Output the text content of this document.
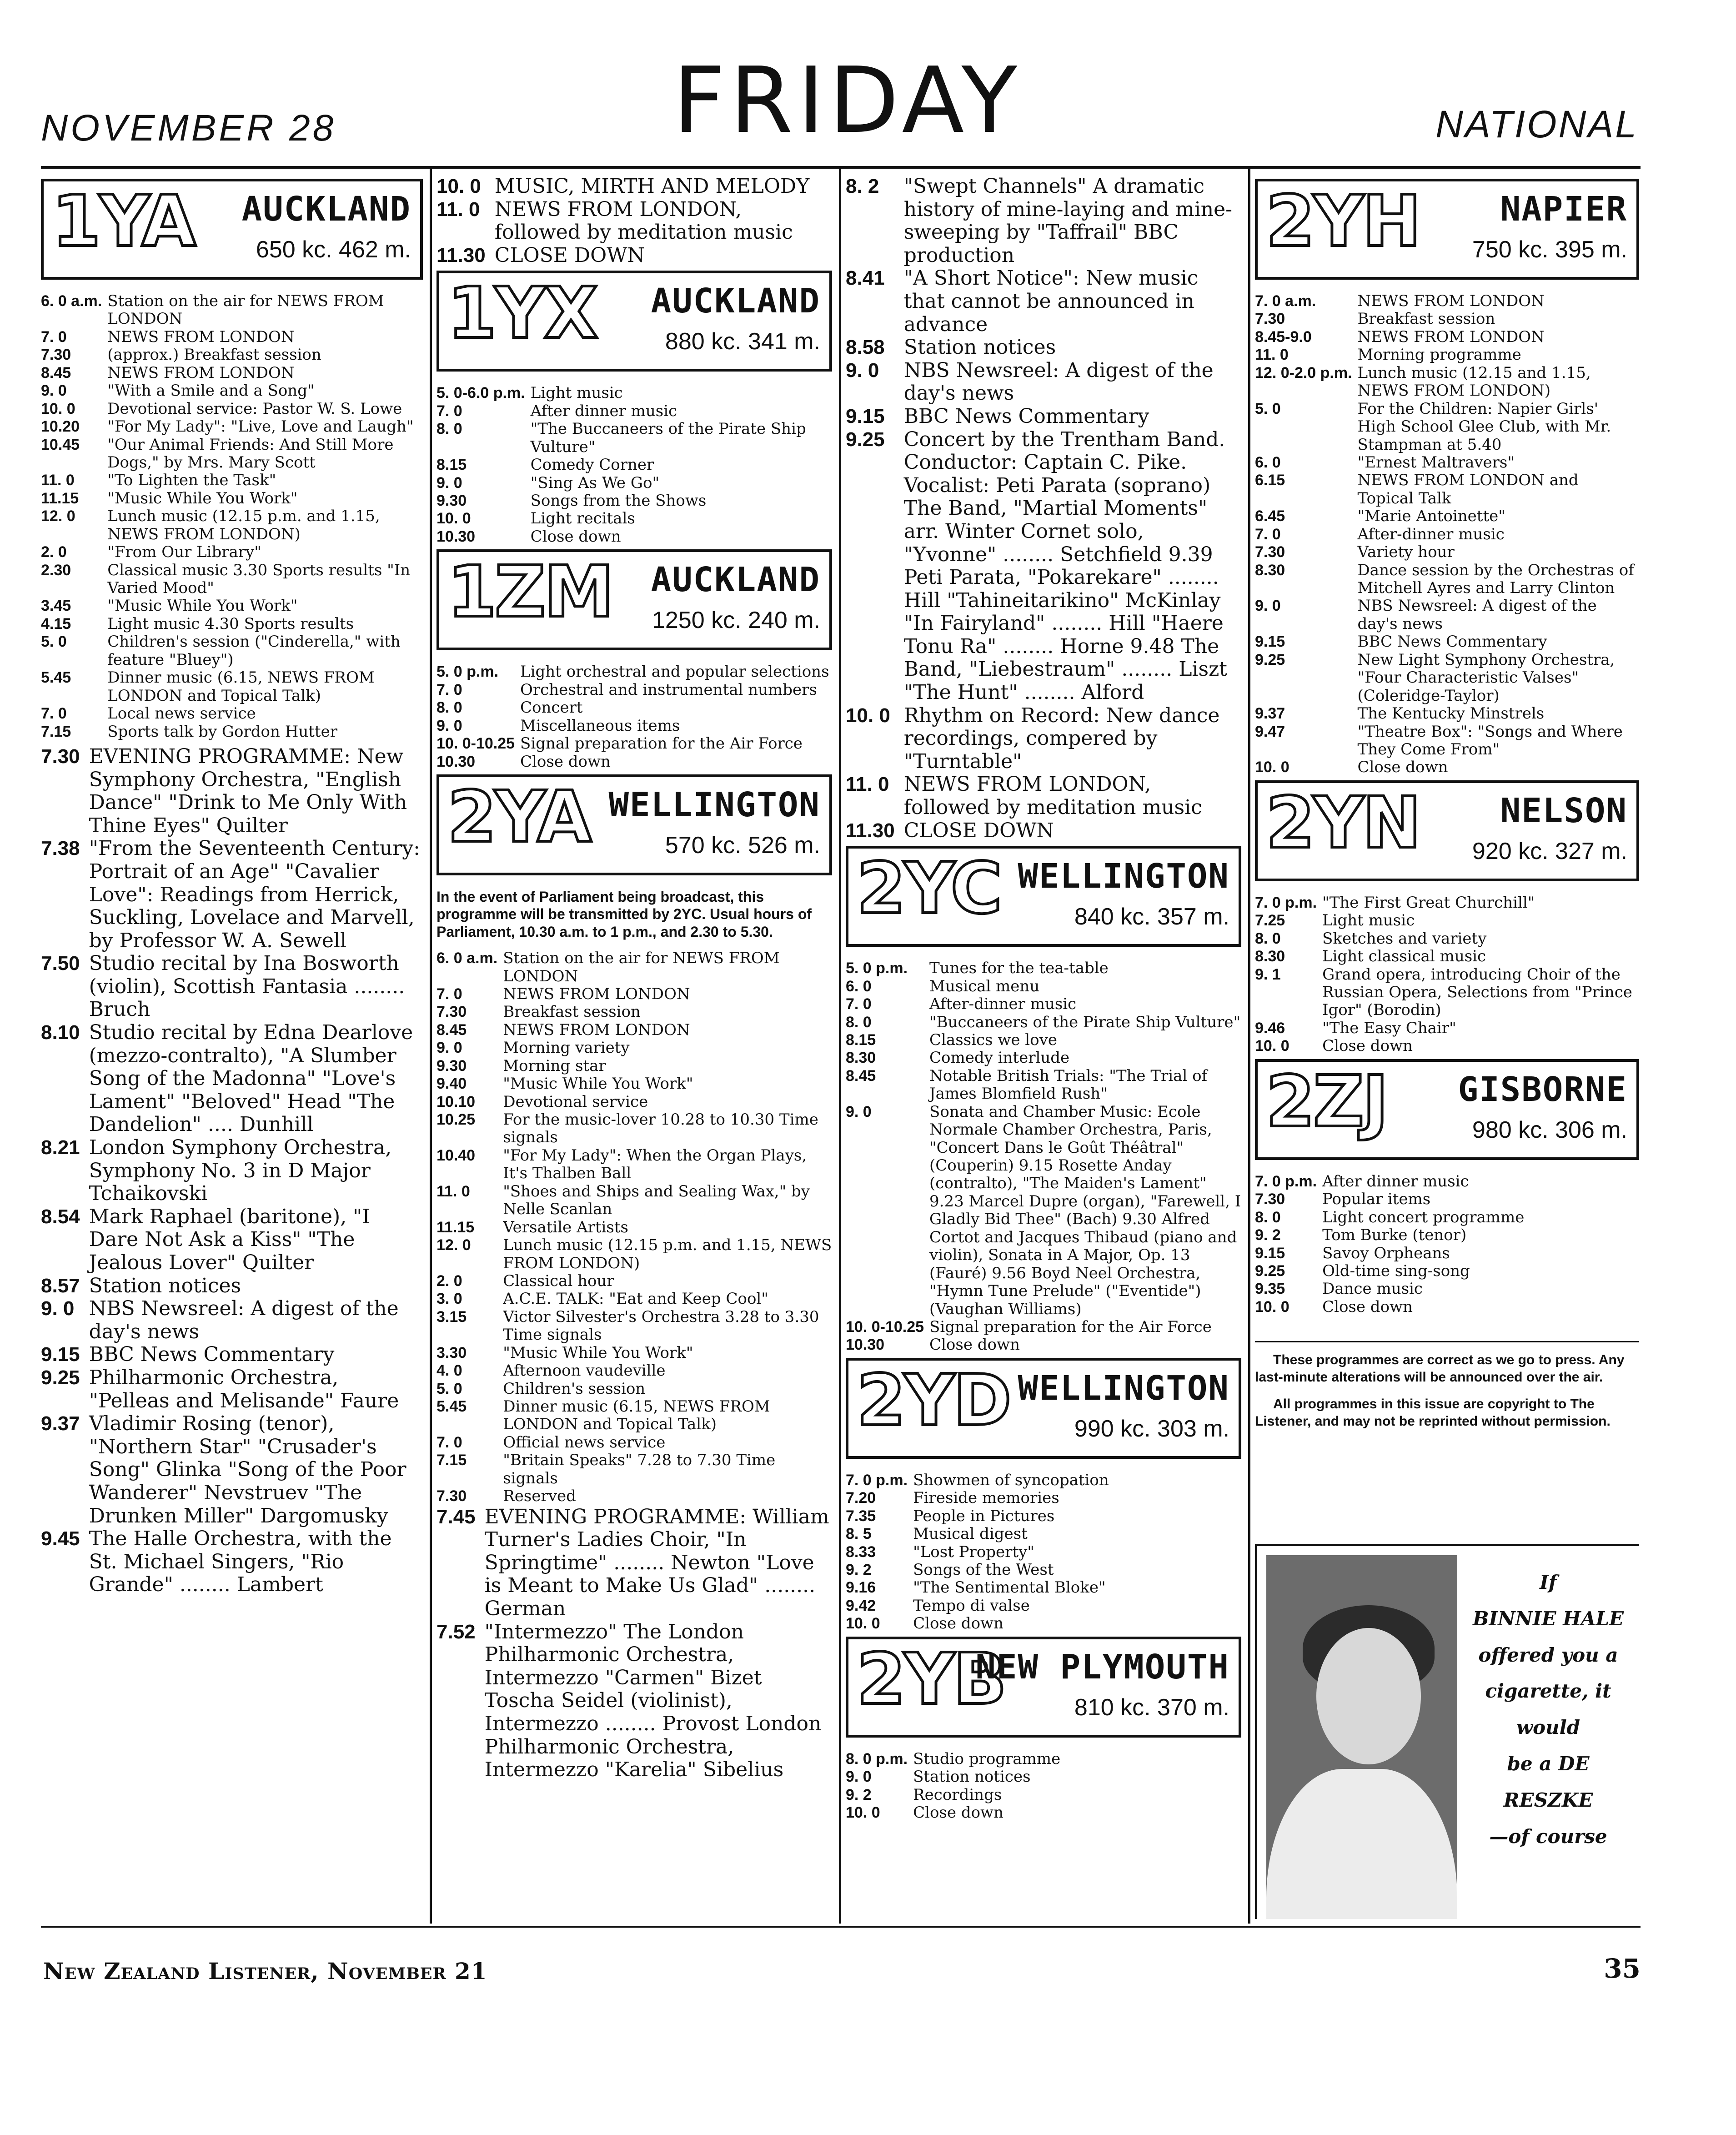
NOVEMBER 28	FRIDAY	NATIONAL
1YA AUCKLAND
650 kc. 462 m.
6. 0 a.m.	Station on the air for NEWS FROM LONDON
7. 0	NEWS FROM LONDON
7.30	(approx.) Breakfast session
8.45	NEWS FROM LONDON
9. 0	"With a Smile and a Song"
10. 0	Devotional service: Pastor W. S. Lowe
10.20	"For My Lady": "Live, Love and Laugh"
10.45	"Our Animal Friends: And Still More Dogs," by Mrs. Mary Scott
11. 0	"To Lighten the Task"
11.15	"Music While You Work"
12. 0	Lunch music (12.15 p.m. and 1.15, NEWS FROM LONDON)
2. 0	"From Our Library"
2.30	Classical music 3.30 Sports results "In Varied Mood"
3.45	"Music While You Work"
4.15	Light music 4.30 Sports results
5. 0	Children's session ("Cinderella," with feature "Bluey")
5.45	Dinner music (6.15, NEWS FROM LONDON and Topical Talk)
7. 0	Local news service
7.15	Sports talk by Gordon Hutter
7.30	EVENING PROGRAMME: New Symphony Orchestra, "English Dance" "Drink to Me Only With Thine Eyes" Quilter
7.38	"From the Seventeenth Century: Portrait of an Age" "Cavalier Love": Readings from Herrick, Suckling, Lovelace and Marvell, by Professor W. A. Sewell
7.50	Studio recital by Ina Bosworth (violin), Scottish Fantasia ........ Bruch
8.10	Studio recital by Edna Dearlove (mezzo-contralto), "A Slumber Song of the Madonna" "Love's Lament" "Beloved" Head "The Dandelion" .... Dunhill
8.21	London Symphony Orchestra, Symphony No. 3 in D Major Tchaikovski
8.54	Mark Raphael (baritone), "I Dare Not Ask a Kiss" "The Jealous Lover" Quilter
8.57	Station notices
9. 0	NBS Newsreel: A digest of the day's news
9.15	BBC News Commentary
9.25	Philharmonic Orchestra, "Pelleas and Melisande" Faure
9.37	Vladimir Rosing (tenor), "Northern Star" "Crusader's Song" Glinka "Song of the Poor Wanderer" Nevstruev "The Drunken Miller" Dargomusky
9.45	The Halle Orchestra, with the St. Michael Singers, "Rio Grande" ........ Lambert
10. 0	MUSIC, MIRTH AND MELODY
11. 0	NEWS FROM LONDON, followed by meditation music
11.30	CLOSE DOWN
1YX AUCKLAND
880 kc. 341 m.
5. 0-6.0 p.m.	Light music
7. 0	After dinner music
8. 0	"The Buccaneers of the Pirate Ship Vulture"
8.15	Comedy Corner
9. 0	"Sing As We Go"
9.30	Songs from the Shows
10. 0	Light recitals
10.30	Close down
1ZM AUCKLAND
1250 kc. 240 m.
5. 0 p.m.	Light orchestral and popular selections
7. 0	Orchestral and instrumental numbers
8. 0	Concert
9. 0	Miscellaneous items
10. 0-10.25	Signal preparation for the Air Force
10.30	Close down
2YA WELLINGTON
570 kc. 526 m.
In the event of Parliament being broadcast, this programme will be transmitted by 2YC. Usual hours of Parliament, 10.30 a.m. to 1 p.m., and 2.30 to 5.30.
6. 0 a.m.	Station on the air for NEWS FROM LONDON
7. 0	NEWS FROM LONDON
7.30	Breakfast session
8.45	NEWS FROM LONDON
9. 0	Morning variety
9.30	Morning star
9.40	"Music While You Work"
10.10	Devotional service
10.25	For the music-lover 10.28 to 10.30 Time signals
10.40	"For My Lady": When the Organ Plays, It's Thalben Ball
11. 0	"Shoes and Ships and Sealing Wax," by Nelle Scanlan
11.15	Versatile Artists
12. 0	Lunch music (12.15 p.m. and 1.15, NEWS FROM LONDON)
2. 0	Classical hour
3. 0	A.C.E. TALK: "Eat and Keep Cool"
3.15	Victor Silvester's Orchestra 3.28 to 3.30 Time signals
3.30	"Music While You Work"
4. 0	Afternoon vaudeville
5. 0	Children's session
5.45	Dinner music (6.15, NEWS FROM LONDON and Topical Talk)
7. 0	Official news service
7.15	"Britain Speaks" 7.28 to 7.30 Time signals
7.30	Reserved
7.45	EVENING PROGRAMME: William Turner's Ladies Choir, "In Springtime" ........ Newton "Love is Meant to Make Us Glad" ........ German
7.52	"Intermezzo" The London Philharmonic Orchestra, Intermezzo "Carmen" Bizet Toscha Seidel (violinist), Intermezzo ........ Provost London Philharmonic Orchestra, Intermezzo "Karelia" Sibelius
8. 2	"Swept Channels" A dramatic history of mine-laying and mine-sweeping by "Taffrail" BBC production
8.41	"A Short Notice": New music that cannot be announced in advance
8.58	Station notices
9. 0	NBS Newsreel: A digest of the day's news
9.15	BBC News Commentary
9.25	Concert by the Trentham Band. Conductor: Captain C. Pike. Vocalist: Peti Parata (soprano) The Band, "Martial Moments" arr. Winter Cornet solo, "Yvonne" ........ Setchfield 9.39 Peti Parata, "Pokarekare" ........ Hill "Tahineitarikino" McKinlay "In Fairyland" ........ Hill "Haere Tonu Ra" ........ Horne 9.48 The Band, "Liebestraum" ........ Liszt "The Hunt" ........ Alford
10. 0	Rhythm on Record: New dance recordings, compered by "Turntable"
11. 0	NEWS FROM LONDON, followed by meditation music
11.30	CLOSE DOWN
2YC WELLINGTON
840 kc. 357 m.
5. 0 p.m.	Tunes for the tea-table
6. 0	Musical menu
7. 0	After-dinner music
8. 0	"Buccaneers of the Pirate Ship Vulture"
8.15	Classics we love
8.30	Comedy interlude
8.45	Notable British Trials: "The Trial of James Blomfield Rush"
9. 0	Sonata and Chamber Music: Ecole Normale Chamber Orchestra, Paris, "Concert Dans le Goût Théâtral" (Couperin) 9.15 Rosette Anday (contralto), "The Maiden's Lament" 9.23 Marcel Dupre (organ), "Farewell, I Gladly Bid Thee" (Bach) 9.30 Alfred Cortot and Jacques Thibaud (piano and violin), Sonata in A Major, Op. 13 (Fauré) 9.56 Boyd Neel Orchestra, "Hymn Tune Prelude" ("Eventide") (Vaughan Williams)
10. 0-10.25	Signal preparation for the Air Force
10.30	Close down
2YD WELLINGTON
990 kc. 303 m.
7. 0 p.m.	Showmen of syncopation
7.20	Fireside memories
7.35	People in Pictures
8. 5	Musical digest
8.33	"Lost Property"
9. 2	Songs of the West
9.16	"The Sentimental Bloke"
9.42	Tempo di valse
10. 0	Close down
2YB
NEW PLYMOUTH
810 kc. 370 m.
8. 0 p.m.	Studio programme
9. 0	Station notices
9. 2	Recordings
10. 0	Close down
2YH NAPIER
750 kc. 395 m.
7. 0 a.m.	NEWS FROM LONDON
7.30	Breakfast session
8.45-9.0	NEWS FROM LONDON
11. 0	Morning programme
12. 0-2.0 p.m.	Lunch music (12.15 and 1.15, NEWS FROM LONDON)
5. 0	For the Children: Napier Girls' High School Glee Club, with Mr. Stampman at 5.40
6. 0	"Ernest Maltravers"
6.15	NEWS FROM LONDON and Topical Talk
6.45	"Marie Antoinette"
7. 0	After-dinner music
7.30	Variety hour
8.30	Dance session by the Orchestras of Mitchell Ayres and Larry Clinton
9. 0	NBS Newsreel: A digest of the day's news
9.15	BBC News Commentary
9.25	New Light Symphony Orchestra, "Four Characteristic Valses" (Coleridge-Taylor)
9.37	The Kentucky Minstrels
9.47	"Theatre Box": "Songs and Where They Come From"
10. 0	Close down
2YN NELSON
920 kc. 327 m.
7. 0 p.m.	"The First Great Churchill"
7.25	Light music
8. 0	Sketches and variety
8.30	Light classical music
9. 1	Grand opera, introducing Choir of the Russian Opera, Selections from "Prince Igor" (Borodin)
9.46	"The Easy Chair"
10. 0	Close down
2ZJ GISBORNE
980 kc. 306 m.
7. 0 p.m.	After dinner music
7.30	Popular items
8. 0	Light concert programme
9. 2	Tom Burke (tenor)
9.15	Savoy Orpheans
9.25	Old-time sing-song
9.35	Dance music
10. 0	Close down

These programmes are correct as we go to press. Any last-minute alterations will be announced over the air.

All programmes in this issue are copyright to The Listener, and may not be reprinted without permission.

If
BINNIE HALE
offered you a
cigarette, it would
be a DE RESZKE
—of course
New Zealand Listener, November 21	35
